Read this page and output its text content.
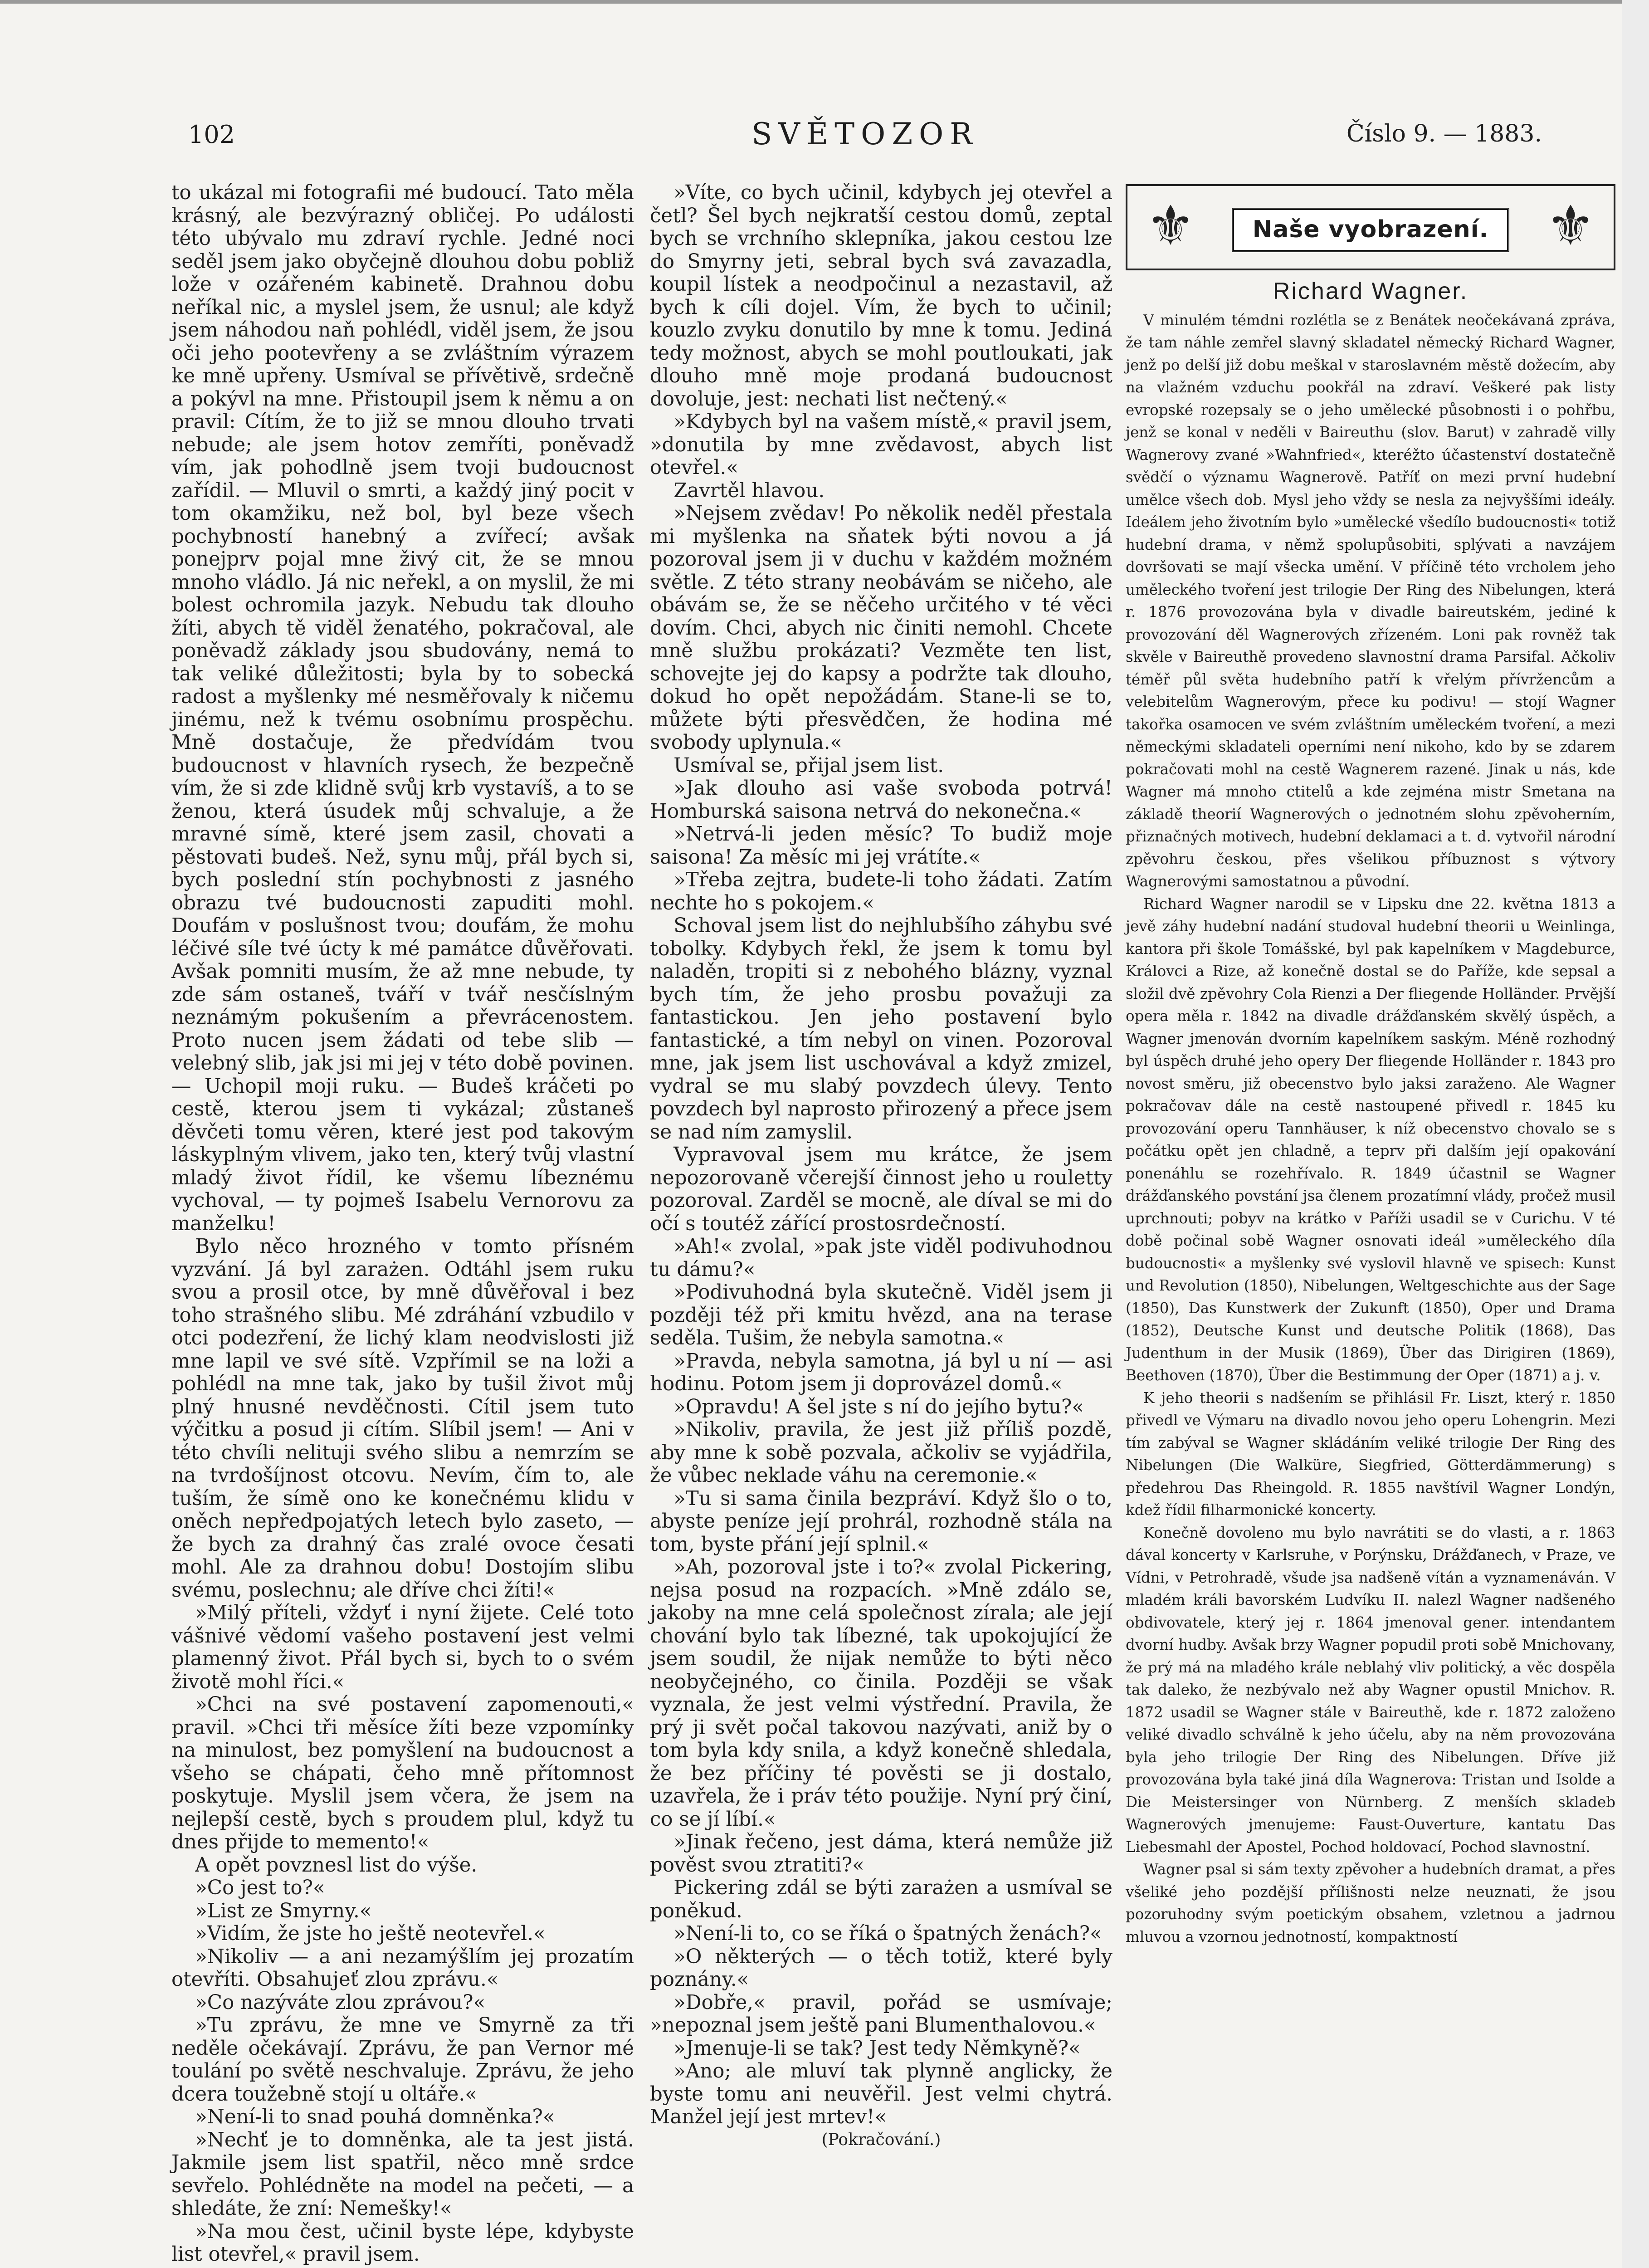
102	SVĚTOZOR	Číslo 9. — 1883.

to ukázal mi fotografii mé budoucí. Tato měla krásný, ale bezvýrazný obličej. Po události této ubývalo mu zdraví rychle. Jedné noci seděl jsem jako obyčejně dlouhou dobu pobliž lože v ozářeném kabinetě. Drahnou dobu neříkal nic, a myslel jsem, že usnul; ale když jsem náhodou naň pohlédl, viděl jsem, že jsou oči jeho pootevřeny a se zvláštním výrazem ke mně upřeny. Usmíval se přívětivě, srdečně a pokývl na mne. Přistoupil jsem k němu a on pravil: Cítím, že to již se mnou dlouho trvati nebude; ale jsem hotov zemříti, poněvadž vím, jak pohodlně jsem tvoji budoucnost zařídil. — Mluvil o smrti, a každý jiný pocit v tom okamžiku, než bol, byl beze všech pochybností hanebný a zvířecí; avšak ponejprv pojal mne živý cit, že se mnou mnoho vládlo. Já nic neřekl, a on myslil, že mi bolest ochromila jazyk. Nebudu tak dlouho žíti, abych tě viděl ženatého, pokračoval, ale poněvadž základy jsou sbudovány, nemá to tak veliké důležitosti; byla by to sobecká radost a myšlenky mé nesměřovaly k ničemu jinému, než k tvému osobnímu prospěchu. Mně dostačuje, že předvídám tvou budoucnost v hlavních rysech, že bezpečně vím, že si zde klidně svůj krb vystavíš, a to se ženou, která úsudek můj schvaluje, a že mravné símě, které jsem zasil, chovati a pěstovati budeš. Než, synu můj, přál bych si, bych poslední stín pochybnosti z jasného obrazu tvé budoucnosti zapuditi mohl. Doufám v poslušnost tvou; doufám, že mohu léčivé síle tvé úcty k mé památce důvěřovati. Avšak pomniti musím, že až mne nebude, ty zde sám ostaneš, tváří v tvář nesčíslným neznámým pokušením a převrácenostem. Proto nucen jsem žádati od tebe slib — velebný slib, jak jsi mi jej v této době povinen. — Uchopil moji ruku. — Budeš kráčeti po cestě, kterou jsem ti vykázal; zůstaneš děvčeti tomu věren, které jest pod takovým láskyplným vlivem, jako ten, který tvůj vlastní mladý život řídil, ke všemu líbeznému vychoval, — ty pojmeš Isabelu Vernorovu za manželku!

Bylo něco hrozného v tomto přísném vyzvání. Já byl zarażen. Odtáhl jsem ruku svou a prosil otce, by mně důvěřoval i bez toho strašného slibu. Mé zdráhání vzbudilo v otci podezření, že lichý klam neodvislosti již mne lapil ve své sítě. Vzpřímil se na loži a pohlédl na mne tak, jako by tušil život můj plný hnusné nevděčnosti. Cítil jsem tuto výčitku a posud ji cítím. Slíbil jsem! — Ani v této chvíli nelituji svého slibu a nemrzím se na tvrdošíjnost otcovu. Nevím, čím to, ale tuším, že símě ono ke konečnému klidu v oněch nepředpojatých letech bylo zaseto, — že bych za drahný čas zralé ovoce česati mohl. Ale za drahnou dobu! Dostojím slibu svému, poslechnu; ale dříve chci žíti!«

»Milý příteli, vždyť i nyní žijete. Celé toto vášnivé vědomí vašeho postavení jest velmi plamenný život. Přál bych si, bych to o svém životě mohl říci.«

»Chci na své postavení zapomenouti,« pravil. »Chci tři měsíce žíti beze vzpomínky na minulost, bez pomyšlení na budoucnost a všeho se chápati, čeho mně přítomnost poskytuje. Myslil jsem včera, že jsem na nejlepší cestě, bych s proudem plul, když tu dnes přijde to memento!«

A opět povznesl list do výše.

»Co jest to?«

»List ze Smyrny.«

»Vidím, že jste ho ještě neotevřel.«

»Nikoliv — a ani nezamýšlím jej prozatím otevříti. Obsahujeť zlou zprávu.«

»Co nazýváte zlou zprávou?«

»Tu zprávu, že mne ve Smyrně za tři neděle očekávají. Zprávu, že pan Vernor mé toulání po světě neschvaluje. Zprávu, že jeho dcera toužebně stojí u oltáře.«

»Není-li to snad pouhá domněnka?«

»Nechť je to domněnka, ale ta jest jistá. Jakmile jsem list spatřil, něco mně srdce sevřelo. Pohlédněte na model na pečeti, — a shledáte, že zní: Nemešky!«

»Na mou čest, učinil byste lépe, kdybyste list otevřel,« pravil jsem.

»Víte, co bych učinil, kdybych jej otevřel a četl? Šel bych nejkratší cestou domů, zeptal bych se vrchního sklepníka, jakou cestou lze do Smyrny jeti, sebral bych svá zavazadla, koupil lístek a neodpočinul a nezastavil, až bych k cíli dojel. Vím, že bych to učinil; kouzlo zvyku donutilo by mne k tomu. Jediná tedy možnost, abych se mohl poutloukati, jak dlouho mně moje prodaná budoucnost dovoluje, jest: nechati list nečtený.«

»Kdybych byl na vašem místě,« pravil jsem, »donutila by mne zvědavost, abych list otevřel.«

Zavrtěl hlavou.

»Nejsem zvědav! Po několik neděl přestala mi myšlenka na sňatek býti novou a já pozoroval jsem ji v duchu v každém možném světle. Z této strany neobávám se ničeho, ale obávám se, že se něčeho určitého v té věci dovím. Chci, abych nic činiti nemohl. Chcete mně službu prokázati? Vezměte ten list, schovejte jej do kapsy a podržte tak dlouho, dokud ho opět nepožádám. Stane-li se to, můžete býti přesvědčen, že hodina mé svobody uplynula.«

Usmíval se, přijal jsem list.

»Jak dlouho asi vaše svoboda potrvá! Homburská saisona netrvá do nekonečna.«

»Netrvá-li jeden měsíc? To budiž moje saisona! Za měsíc mi jej vrátíte.«

»Třeba zejtra, budete-li toho žádati. Zatím nechte ho s pokojem.«

Schoval jsem list do nejhlubšího záhybu své tobolky. Kdybych řekl, že jsem k tomu byl naladěn, tropiti si z nebohého blázny, vyznal bych tím, že jeho prosbu považuji za fantastickou. Jen jeho postavení bylo fantastické, a tím nebyl on vinen. Pozoroval mne, jak jsem list uschovával a když zmizel, vydral se mu slabý povzdech úlevy. Tento povzdech byl naprosto přirozený a přece jsem se nad ním zamyslil.

Vypravoval jsem mu krátce, že jsem nepozorovaně včerejší činnost jeho u rouletty pozoroval. Zarděl se mocně, ale díval se mi do očí s toutéž zářící prostosrdečností.

»Ah!« zvolal, »pak jste viděl podivuhodnou tu dámu?«

»Podivuhodná byla skutečně. Viděl jsem ji později též při kmitu hvězd, ana na terase seděla. Tušim, že nebyla samotna.«

»Pravda, nebyla samotna, já byl u ní — asi hodinu. Potom jsem ji doprovázel domů.«

»Opravdu! A šel jste s ní do jejího bytu?«

»Nikoliv, pravila, že jest již příliš pozdě, aby mne k sobě pozvala, ačkoliv se vyjádřila, že vůbec neklade váhu na ceremonie.«

»Tu si sama činila bezpráví. Když šlo o to, abyste peníze její prohrál, rozhodně stála na tom, byste přání její splnil.«

»Ah, pozoroval jste i to?« zvolal Pickering, nejsa posud na rozpacích. »Mně zdálo se, jakoby na mne celá společnost zírala; ale její chování bylo tak líbezné, tak upokojující že jsem soudil, že nijak nemůže to býti něco neobyčejného, co činila. Později se však vyznala, že jest velmi výstřední. Pravila, že prý ji svět počal takovou nazývati, aniž by o tom byla kdy snila, a když konečně shledala, že bez příčiny té pověsti se ji dostalo, uzavřela, že i práv této použije. Nyní prý činí, co se jí líbí.«

»Jinak řečeno, jest dáma, která nemůže již pověst svou ztratiti?«

Pickering zdál se býti zarażen a usmíval se poněkud.

»Není-li to, co se říká o špatných ženách?«

»O některých — o těch totiž, které byly poznány.«

»Dobře,« pravil, pořád se usmívaje; »nepoznal jsem ještě pani Blumenthalovou.«

»Jmenuje-li se tak? Jest tedy Němkyně?«

»Ano; ale mluví tak plynně anglicky, že byste tomu ani neuvěřil. Jest velmi chytrá. Manžel její jest mrtev!«

(Pokračování.)

⚜	Naše vyobrazení.	⚜
Richard Wagner.

V minulém témdni rozlétla se z Benátek neočekávaná zpráva, že tam náhle zemřel slavný skladatel německý Richard Wagner, jenž po delší již dobu meškal v staroslavném městě dožecím, aby na vlažném vzduchu pookřál na zdraví. Veškeré pak listy evropské rozepsaly se o jeho umělecké působnosti i o pohřbu, jenž se konal v neděli v Baireuthu (slov. Barut) v zahradě villy Wagnerovy zvané »Wahnfried«, kteréžto účastenství dostatečně svědčí o významu Wagnerově. Patříť on mezi první hudební umělce všech dob. Mysl jeho vždy se nesla za nejvyššími ideály. Ideálem jeho životním bylo »umělecké všedílo budoucnosti« totiž hudební drama, v němž spolupůsobiti, splývati a navzájem dovršovati se mají všecka umění. V příčině této vrcholem jeho uměleckého tvoření jest trilogie Der Ring des Nibelungen, která r. 1876 provozována byla v divadle baireutském, jediné k provozování děl Wagnerových zřízeném. Loni pak rovněž tak skvěle v Baireuthě provedeno slavnostní drama Parsifal. Ačkoliv téměř půl světa hudebního patří k vřelým přívržencům a velebitelům Wagnerovým, přece ku podivu! — stojí Wagner takořka osamocen ve svém zvláštním uměleckém tvoření, a mezi německými skladateli operními není nikoho, kdo by se zdarem pokračovati mohl na cestě Wagnerem razené. Jinak u nás, kde Wagner má mnoho ctitelů a kde zejména mistr Smetana na základě theorií Wagnerových o jednotném slohu zpěvoherním, přiznačných motivech, hudební deklamaci a t. d. vytvořil národní zpěvohru českou, přes všelikou příbuznost s výtvory Wagnerovými samostatnou a původní.

Richard Wagner narodil se v Lipsku dne 22. května 1813 a jevě záhy hudební nadání studoval hudební theorii u Weinlinga, kantora při škole Tomášské, byl pak kapelníkem v Magdeburce, Královci a Rize, až konečně dostal se do Paříže, kde sepsal a složil dvě zpěvohry Cola Rienzi a Der fliegende Holländer. Prvější opera měla r. 1842 na divadle drážďanském skvělý úspěch, a Wagner jmenován dvorním kapelníkem saským. Méně rozhodný byl úspěch druhé jeho opery Der fliegende Holländer r. 1843 pro novost směru, již obecenstvo bylo jaksi zaraženo. Ale Wagner pokračovav dále na cestě nastoupené přivedl r. 1845 ku provozování operu Tannhäuser, k níž obecenstvo chovalo se s počátku opět jen chladně, a teprv při dalším její opakování ponenáhlu se rozehřívalo. R. 1849 účastnil se Wagner drážďanského povstání jsa členem prozatímní vlády, pročež musil uprchnouti; pobyv na krátko v Paříži usadil se v Curichu. V té době počinal sobě Wagner osnovati ideál »uměleckého díla budoucnosti« a myšlenky své vyslovil hlavně ve spisech: Kunst und Revolution (1850), Nibelungen, Weltgeschichte aus der Sage (1850), Das Kunstwerk der Zukunft (1850), Oper und Drama (1852), Deutsche Kunst und deutsche Politik (1868), Das Judenthum in der Musik (1869), Über das Dirigiren (1869), Beethoven (1870), Über die Bestimmung der Oper (1871) a j. v.

K jeho theorii s nadšením se přihlásil Fr. Liszt, který r. 1850 přivedl ve Výmaru na divadlo novou jeho operu Lohengrin. Mezi tím zabýval se Wagner skládáním veliké trilogie Der Ring des Nibelungen (Die Walküre, Siegfried, Götterdämmerung) s předehrou Das Rheingold. R. 1855 navštívil Wagner Londýn, kdež řídil filharmonické koncerty.

Konečně dovoleno mu bylo navrátiti se do vlasti, a r. 1863 dával koncerty v Karlsruhe, v Porýnsku, Drážďanech, v Praze, ve Vídni, v Petrohradě, všude jsa nadšeně vítán a vyznamenáván. V mladém králi bavorském Ludvíku II. nalezl Wagner nadšeného obdivovatele, který jej r. 1864 jmenoval gener. intendantem dvorní hudby. Avšak brzy Wagner popudil proti sobě Mnichovany, že prý má na mladého krále neblahý vliv politický, a věc dospěla tak daleko, že nezbývalo než aby Wagner opustil Mnichov. R. 1872 usadil se Wagner stále v Baireuthě, kde r. 1872 založeno veliké divadlo schválně k jeho účelu, aby na něm provozována byla jeho trilogie Der Ring des Nibelungen. Dříve již provozována byla také jiná díla Wagnerova: Tristan und Isolde a Die Meistersinger von Nürnberg. Z menších skladeb Wagnerových jmenujeme: Faust-Ouverture, kantatu Das Liebesmahl der Apostel, Pochod holdovací, Pochod slavnostní.

Wagner psal si sám texty zpěvoher a hudebních dramat, a přes všeliké jeho pozdější přílišnosti nelze neuznati, že jsou pozoruhodny svým poetickým obsahem, vzletnou a jadrnou mluvou a vzornou jednotností, kompaktností
